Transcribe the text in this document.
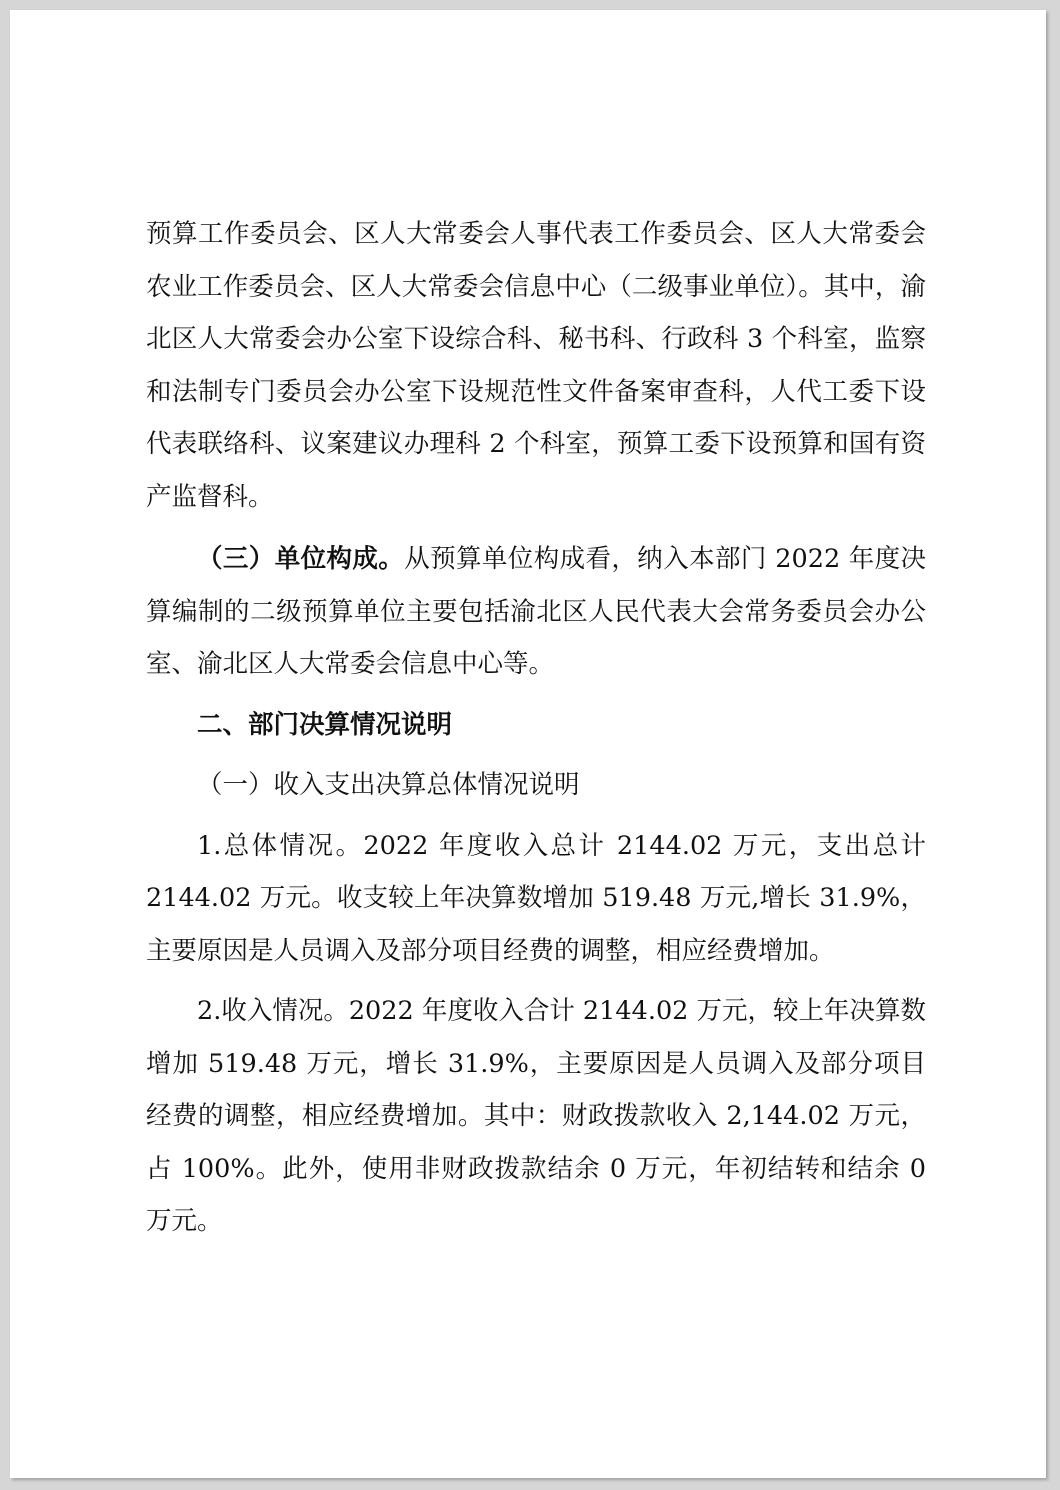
预算工作委员会、区人大常委会人事代表工作委员会、区人大常委会农业工作委员会、区人大常委会信息中心（二级事业单位）。其中，渝北区人大常委会办公室下设综合科、秘书科、行政科 3 个科室，监察和法制专门委员会办公室下设规范性文件备案审查科，人代工委下设代表联络科、议案建议办理科 2 个科室，预算工委下设预算和国有资产监督科。

（三）单位构成。从预算单位构成看，纳入本部门 2022 年度决算编制的二级预算单位主要包括渝北区人民代表大会常务委员会办公室、渝北区人大常委会信息中心等。

二、部门决算情况说明

（一）收入支出决算总体情况说明

1.总体情况。2022 年度收入总计 2144.02 万元，支出总计 2144.02 万元。收支较上年决算数增加 519.48 万元,增长 31.9%，主要原因是人员调入及部分项目经费的调整，相应经费增加。

2.收入情况。2022 年度收入合计 2144.02 万元，较上年决算数增加 519.48 万元，增长 31.9%，主要原因是人员调入及部分项目经费的调整，相应经费增加。其中：财政拨款收入 2,144.02 万元，占 100%。此外，使用非财政拨款结余 0 万元，年初结转和结余 0 万元。
